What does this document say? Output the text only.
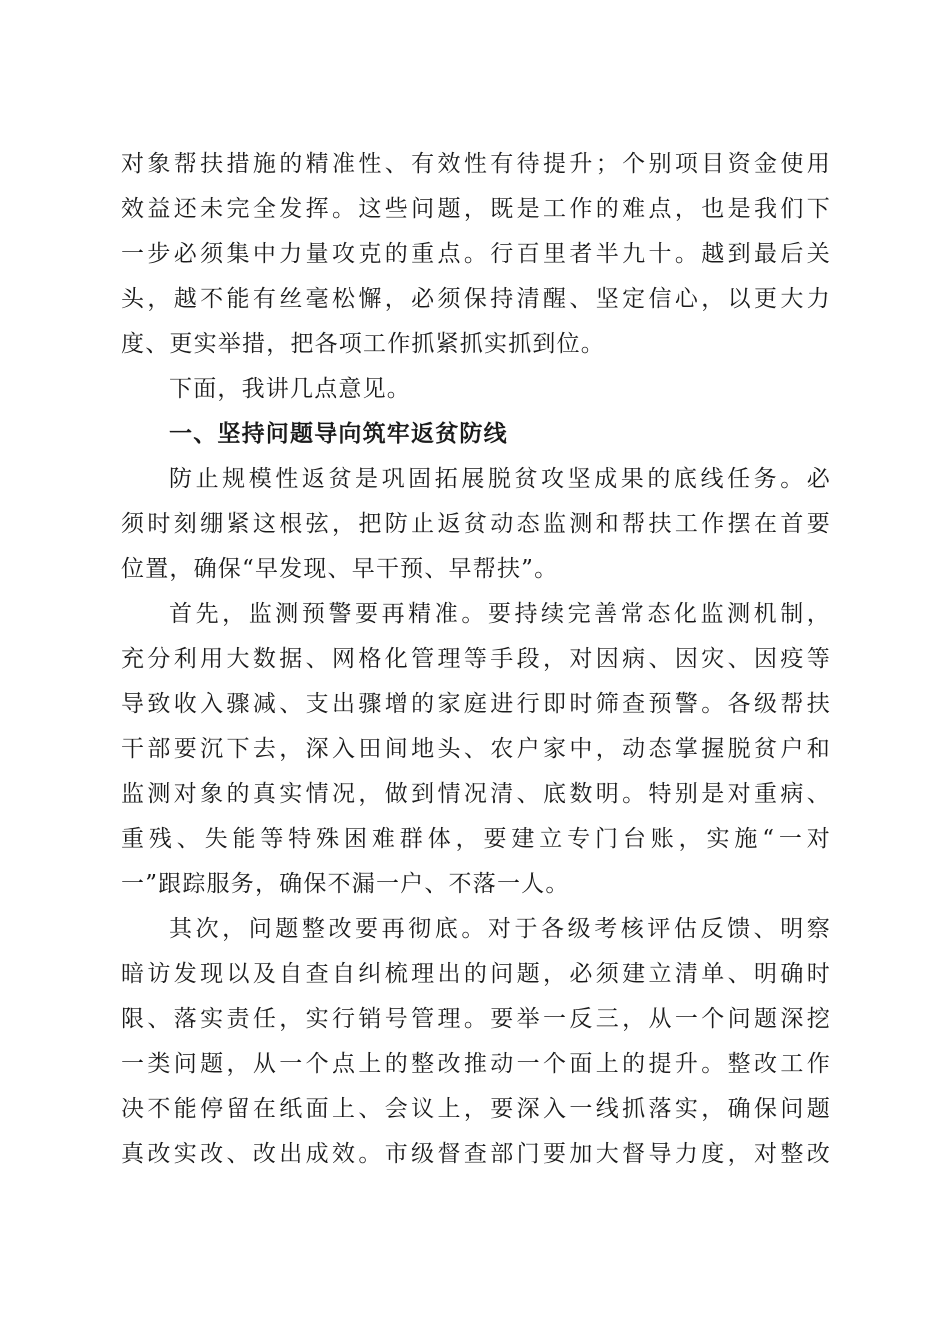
对象帮扶措施的精准性、有效性有待提升；个别项目资金使用
效益还未完全发挥。这些问题，既是工作的难点，也是我们下
一步必须集中力量攻克的重点。行百里者半九十。越到最后关
头，越不能有丝毫松懈，必须保持清醒、坚定信心，以更大力
度、更实举措，把各项工作抓紧抓实抓到位。
下面，我讲几点意见。
一、坚持问题导向筑牢返贫防线
防止规模性返贫是巩固拓展脱贫攻坚成果的底线任务。必
须时刻绷紧这根弦，把防止返贫动态监测和帮扶工作摆在首要
位置，确保“早发现、早干预、早帮扶”。
首先，监测预警要再精准。要持续完善常态化监测机制，
充分利用大数据、网格化管理等手段，对因病、因灾、因疫等
导致收入骤减、支出骤增的家庭进行即时筛查预警。各级帮扶
干部要沉下去，深入田间地头、农户家中，动态掌握脱贫户和
监测对象的真实情况，做到情况清、底数明。特别是对重病、
重残、失能等特殊困难群体，要建立专门台账，实施“一对
一”跟踪服务，确保不漏一户、不落一人。
其次，问题整改要再彻底。对于各级考核评估反馈、明察
暗访发现以及自查自纠梳理出的问题，必须建立清单、明确时
限、落实责任，实行销号管理。要举一反三，从一个问题深挖
一类问题，从一个点上的整改推动一个面上的提升。整改工作
决不能停留在纸面上、会议上，要深入一线抓落实，确保问题
真改实改、改出成效。市级督查部门要加大督导力度，对整改
